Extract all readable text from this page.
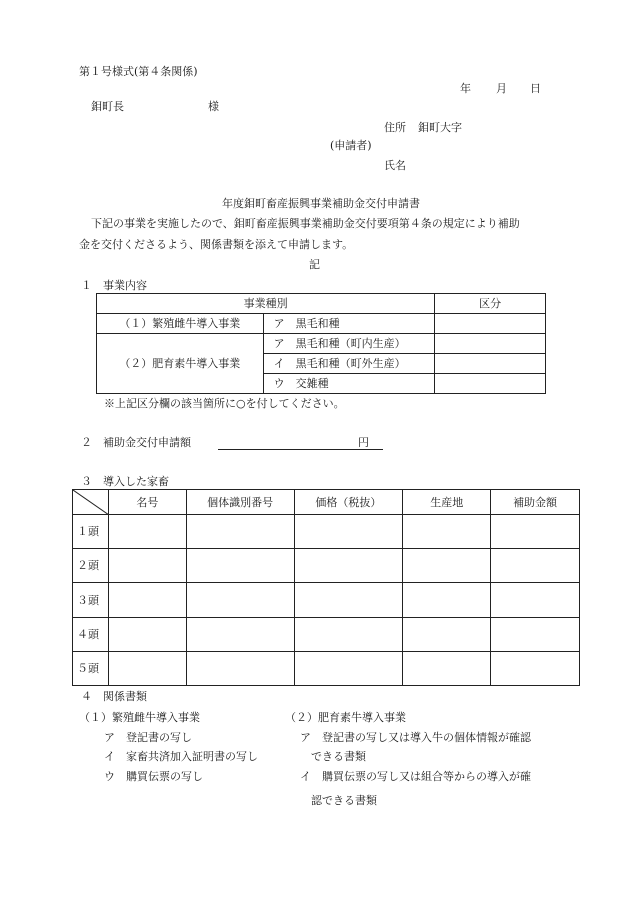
第１号様式(第４条関係)
年 月 日
鉬町長	様
住所 鉬町大字
(申請者)
氏名
年度鉬町畜産振興事業補助金交付申請書
下記の事業を実施したので、鉬町畜産振興事業補助金交付要項第４条の規定により補助
金を交付くださるよう、関係書類を添えて申請します。
記
１　事業内容
事業種別		区分
（１）繁殖雌牛導入事業	ア　黒毛和種	
（２）肥育素牛導入事業	ア　黒毛和種（町内生産）	
	イ　黒毛和種（町外生産）	
	ウ　交雑種	
※上記区分欄の該当箇所に○を付してください。
２　補助金交付申請額	円
３　導入した家畜
	名号	個体識別番号	価格（税抜）	生産地	補助金額
１頭					
２頭					
３頭					
４頭					
５頭					
４　関係書類
（１）繁殖雌牛導入事業
ア　登記書の写し
イ　家畜共済加入証明書の写し
ウ　購買伝票の写し
（２）肥育素牛導入事業
ア　登記書の写し又は導入牛の個体情報が確認
できる書類
イ　購買伝票の写し又は組合等からの導入が確
認できる書類
